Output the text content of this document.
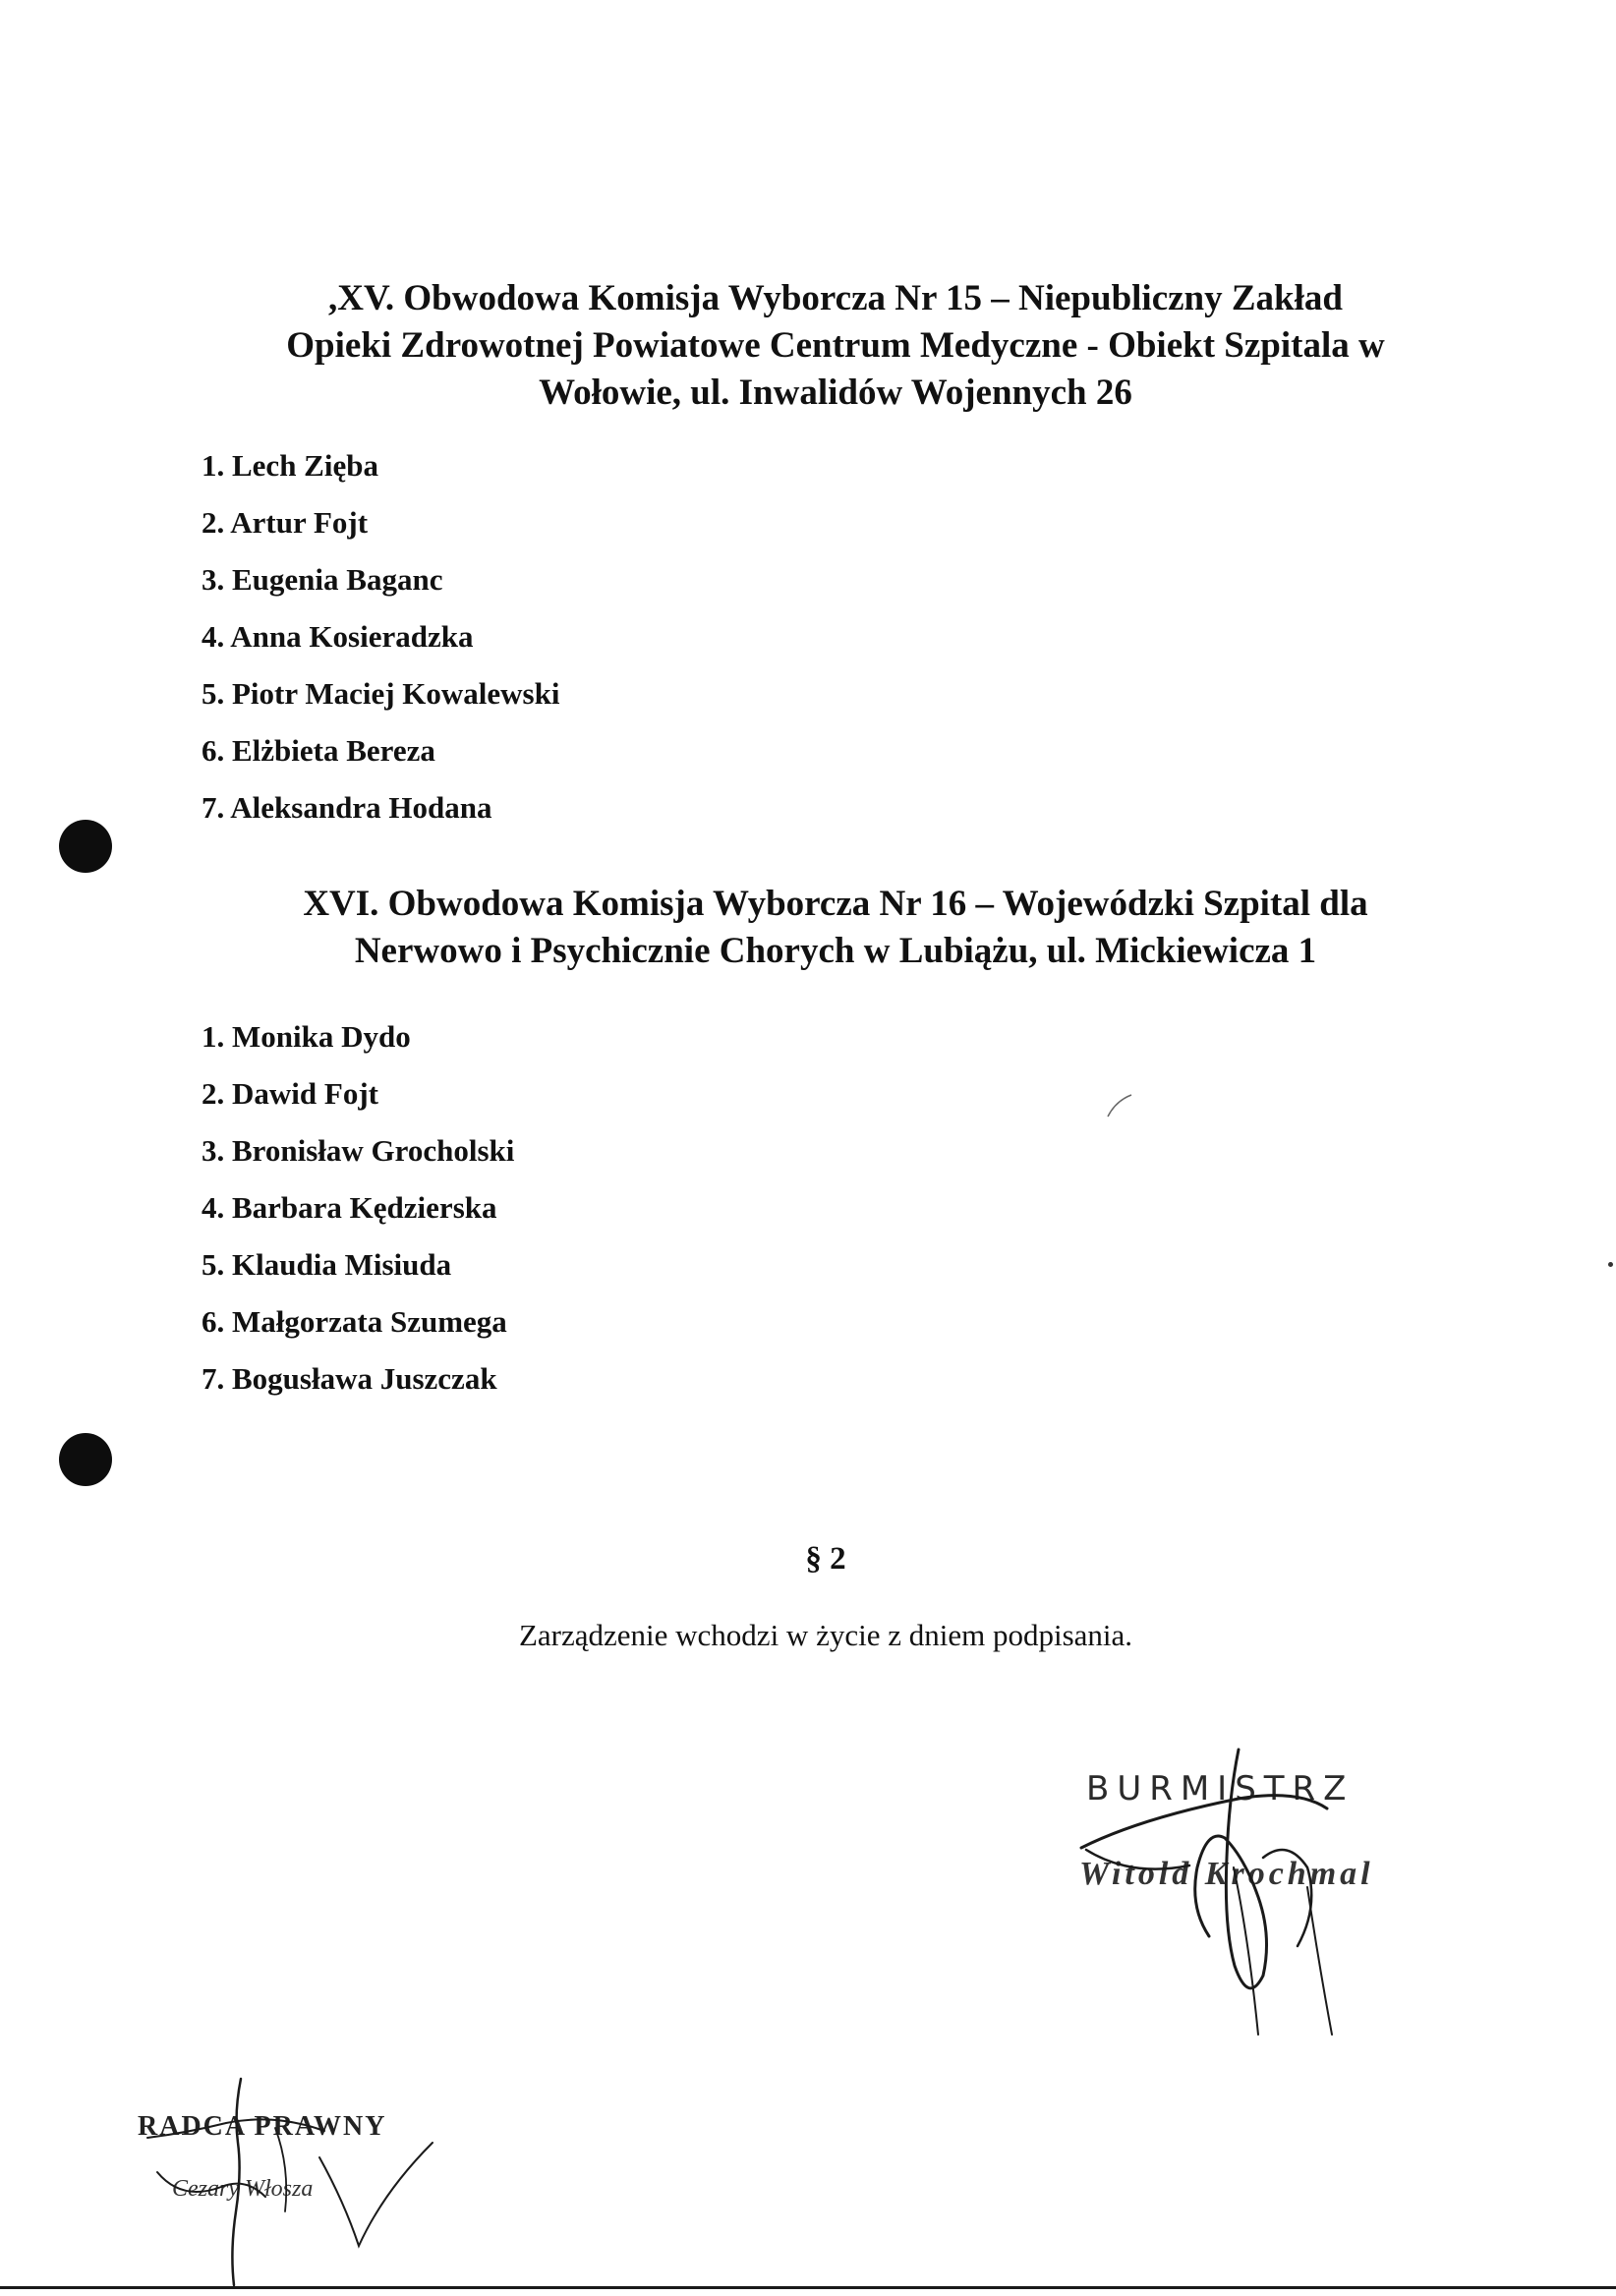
,XV. Obwodowa Komisja Wyborcza Nr 15 – Niepubliczny Zakład
Opieki Zdrowotnej Powiatowe Centrum Medyczne - Obiekt Szpitala w
Wołowie, ul. Inwalidów Wojennych 26
1. Lech Zięba
2. Artur Fojt
3. Eugenia Baganc
4. Anna Kosieradzka
5. Piotr Maciej Kowalewski
6. Elżbieta Bereza
7. Aleksandra Hodana
XVI. Obwodowa Komisja Wyborcza Nr 16 – Wojewódzki Szpital dla
Nerwowo i Psychicznie Chorych w Lubiążu, ul. Mickiewicza 1
1. Monika Dydo
2. Dawid Fojt
3. Bronisław Grocholski
4. Barbara Kędzierska
5. Klaudia Misiuda
6. Małgorzata Szumega
7. Bogusława Juszczak
§ 2
Zarządzenie wchodzi w życie z dniem podpisania.
BURMISTRZ
Witold Krochmal
RADCA PRAWNY
Cezary Włosza
